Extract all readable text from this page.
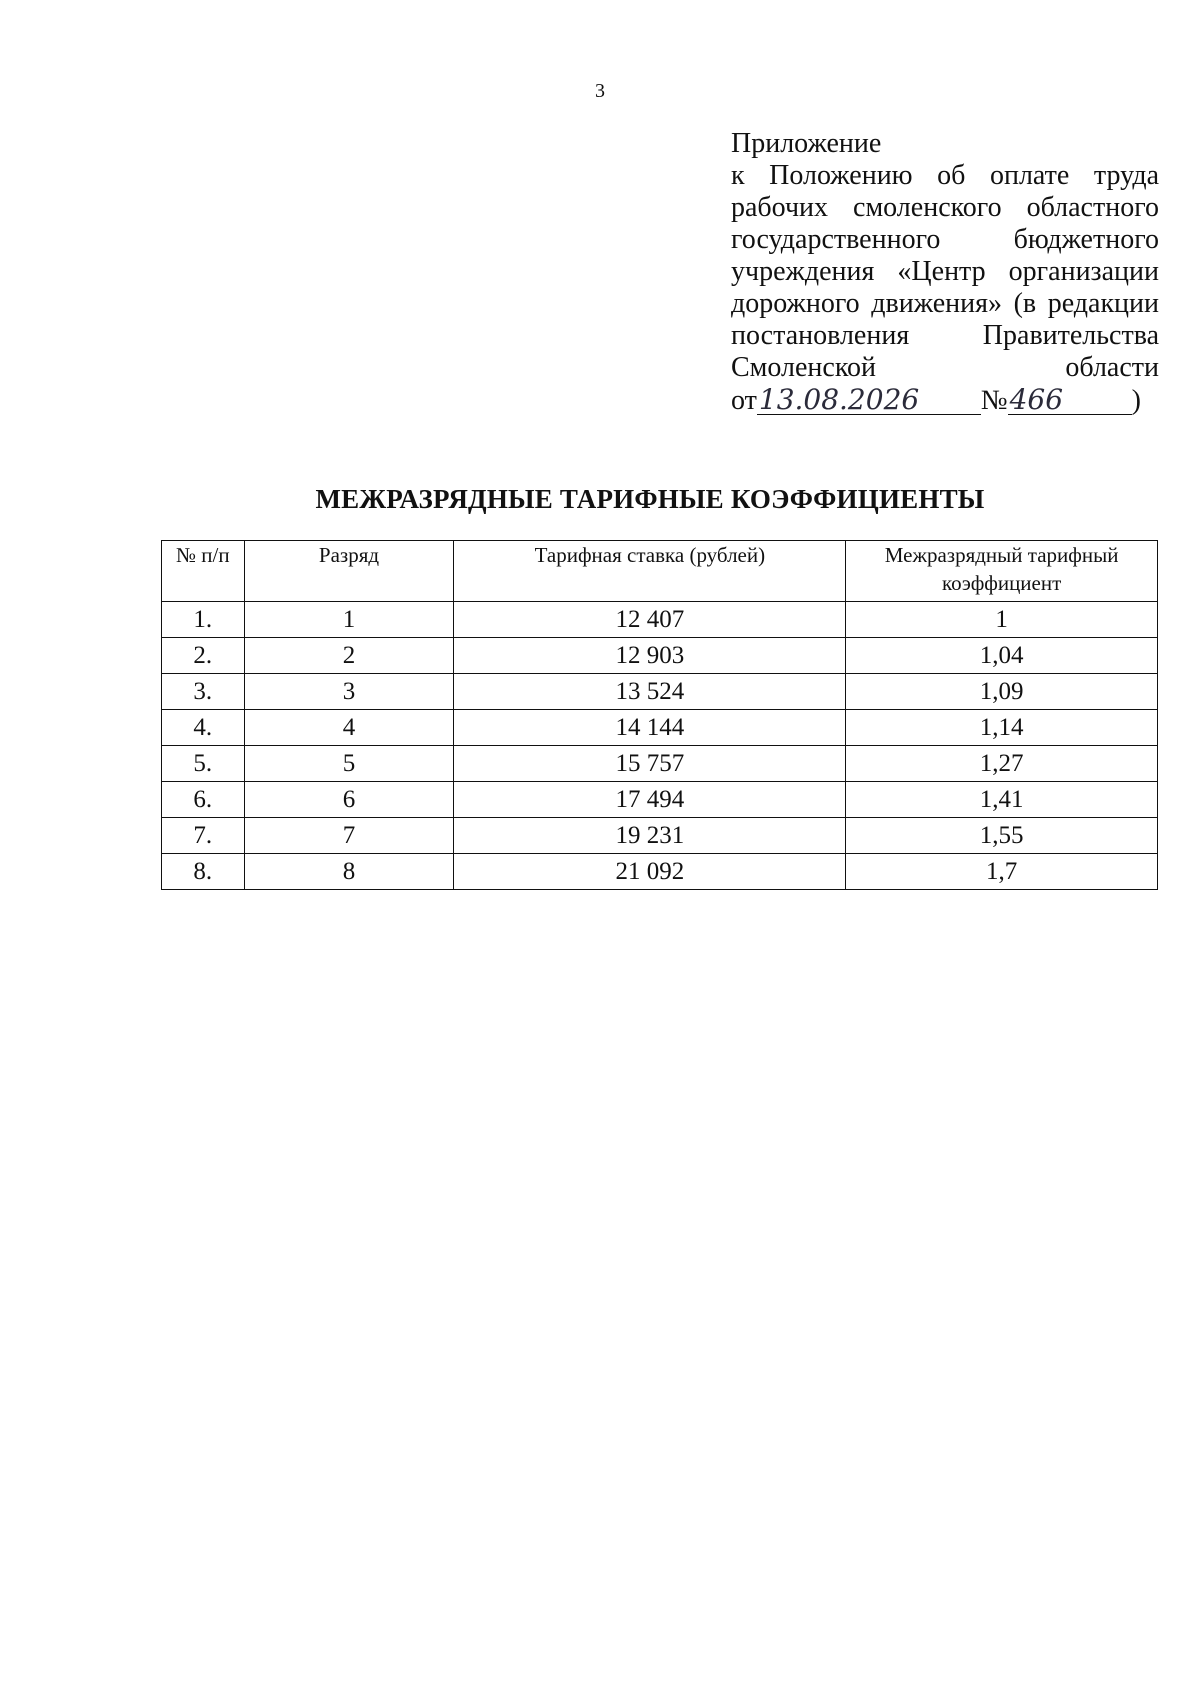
3
Приложение
к Положению об оплате труда
рабочих смоленского областного
государственного бюджетного
учреждения «Центр организации
дорожного движения» (в редакции
постановления Правительства
Смоленской области
от13.08.2026 №466 )
МЕЖРАЗРЯДНЫЕ ТАРИФНЫЕ КОЭФФИЦИЕНТЫ
№ п/п	Разряд	Тарифная ставка (рублей)	Межразрядный тарифный коэффициент
1.	1	12 407	1
2.	2	12 903	1,04
3.	3	13 524	1,09
4.	4	14 144	1,14
5.	5	15 757	1,27
6.	6	17 494	1,41
7.	7	19 231	1,55
8.	8	21 092	1,7
